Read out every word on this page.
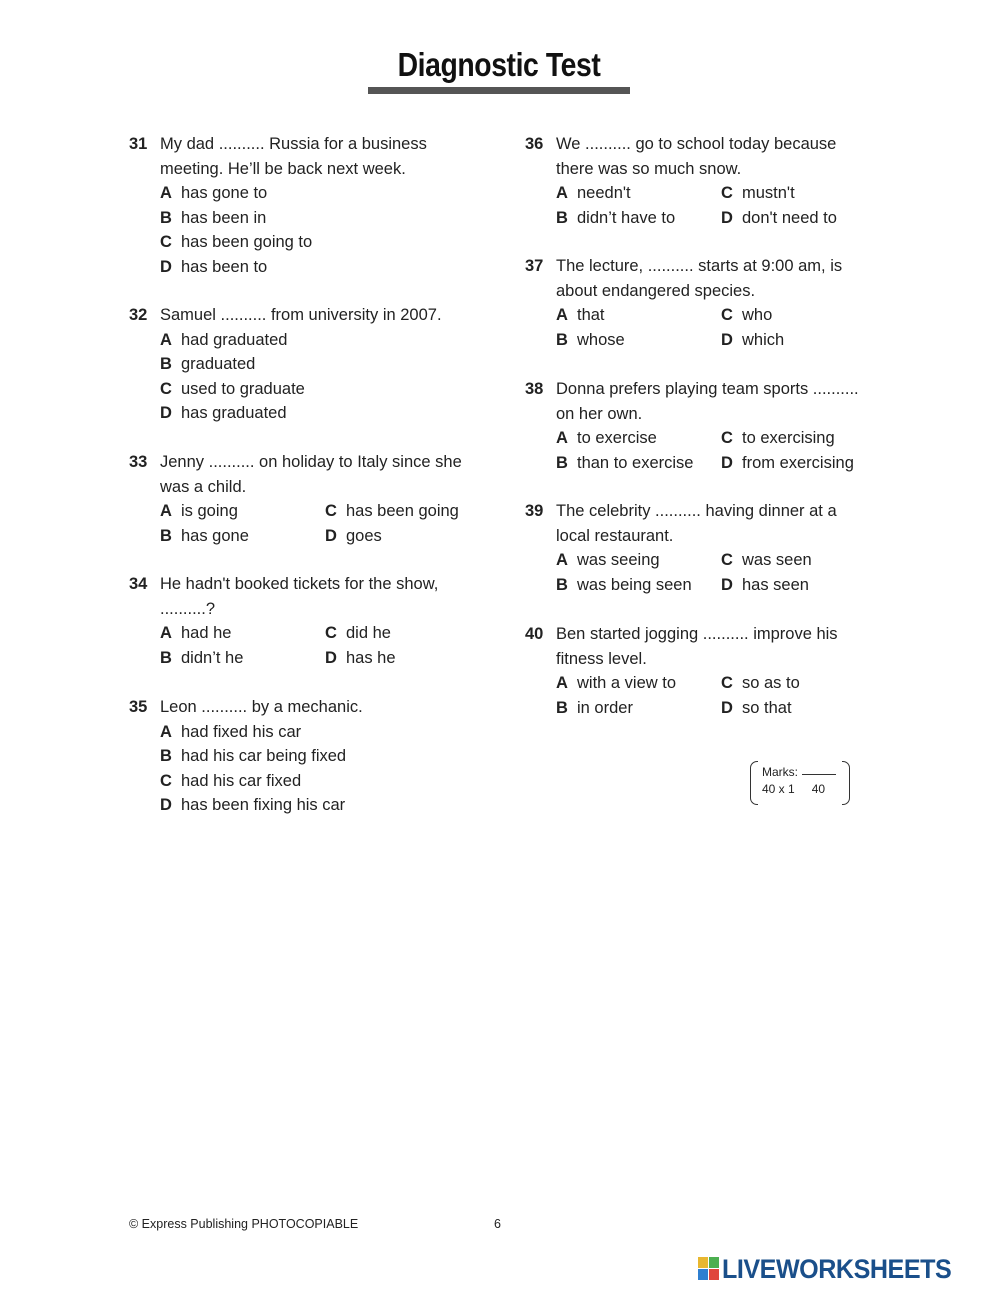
Diagnostic Test
31 My dad .......... Russia for a business meeting. He’ll be back next week.
A has gone to
B has been in
C has been going to
D has been to
32 Samuel .......... from university in 2007.
A had graduated
B graduated
C used to graduate
D has graduated
33 Jenny .......... on holiday to Italy since she was a child.
A is going	C has been going
B has gone	D goes
34 He hadn't booked tickets for the show, ..........?
A had he	C did he
B didn’t he	D has he
35 Leon .......... by a mechanic.
A had fixed his car
B had his car being fixed
C had his car fixed
D has been fixing his car
36 We .......... go to school today because there was so much snow.
A needn't	C mustn't
B didn’t have to	D don't need to
37 The lecture, .......... starts at 9:00 am, is about endangered species.
A that	C who
B whose	D which
38 Donna prefers playing team sports .......... on her own.
A to exercise	C to exercising
B than to exercise	D from exercising
39 The celebrity .......... having dinner at a local restaurant.
A was seeing	C was seen
B was being seen	D has seen
40 Ben started jogging .......... improve his fitness level.
A with a view to	C so as to
B in order	D so that
Marks:
40 x 1 40
© Express Publishing PHOTOCOPIABLE	6
LIVEWORKSHEETS
